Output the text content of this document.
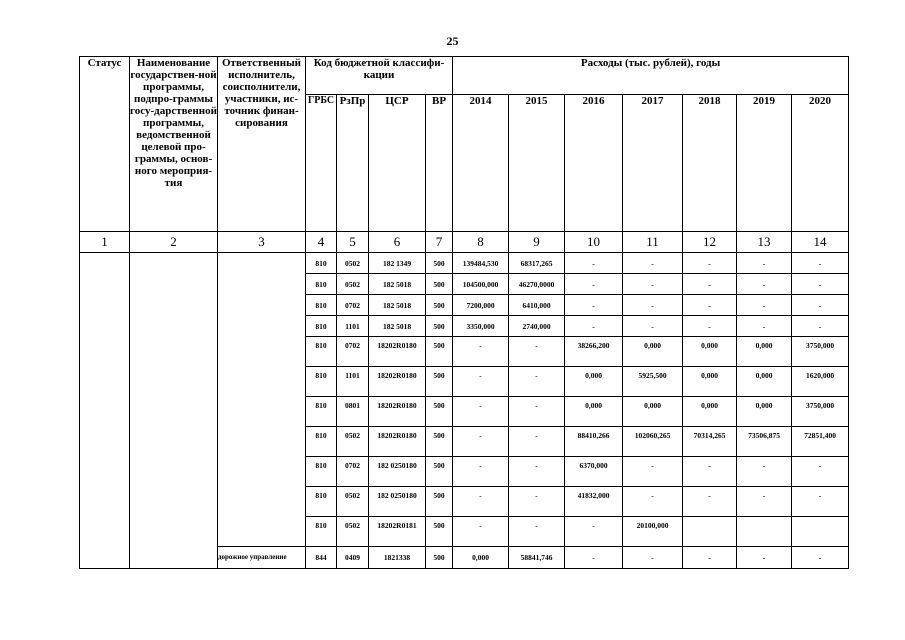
25
Статус	Наименование государствен-ной программы, подпро-граммы госу-дарственной программы, ведомственной целевой про-граммы, основ-ного мероприя-тия	Ответственный исполнитель, соисполнители, участники, ис-точник финан-сирования	Код бюджетной классифи-кации				Расходы (тыс. рублей), годы						
			ГРБС	РзПр	ЦСР	ВР	2014	2015	2016	2017	2018	2019	2020
1	2	3	4	5	6	7	8	9	10	11	12	13	14
			810	0502	182 1349	500	139484,530	68317,265	-	-	-	-	-
			810	0502	182 5018	500	104500,000	46270,0000	-	-	-	-	-
			810	0702	182 5018	500	7200,000	6410,000	-	-	-	-	-
			810	1101	182 5018	500	3350,000	2740,000	-	-	-	-	-
			810	0702	18202R0180	500	-	-	38266,200	0,000	0,000	0,000	3750,000
			810	1101	18202R0180	500	-	-	0,000	5925,500	0,000	0,000	1620,000
			810	0801	18202R0180	500	-	-	0,000	0,000	0,000	0,000	3750,000
			810	0502	18202R0180	500	-	-	88410,266	102060,265	70314,265	73506,875	72851,400
			810	0702	182 0250180	500	-	-	6370,000	-	-	-	-
			810	0502	182 0250180	500	-	-	41832,000	-	-	-	-
			810	0502	18202R0181	500	-	-	-	20100,000			
		дорожное управление	844	0409	1821338	500	0,000	58841,746	-	-	-	-	-
